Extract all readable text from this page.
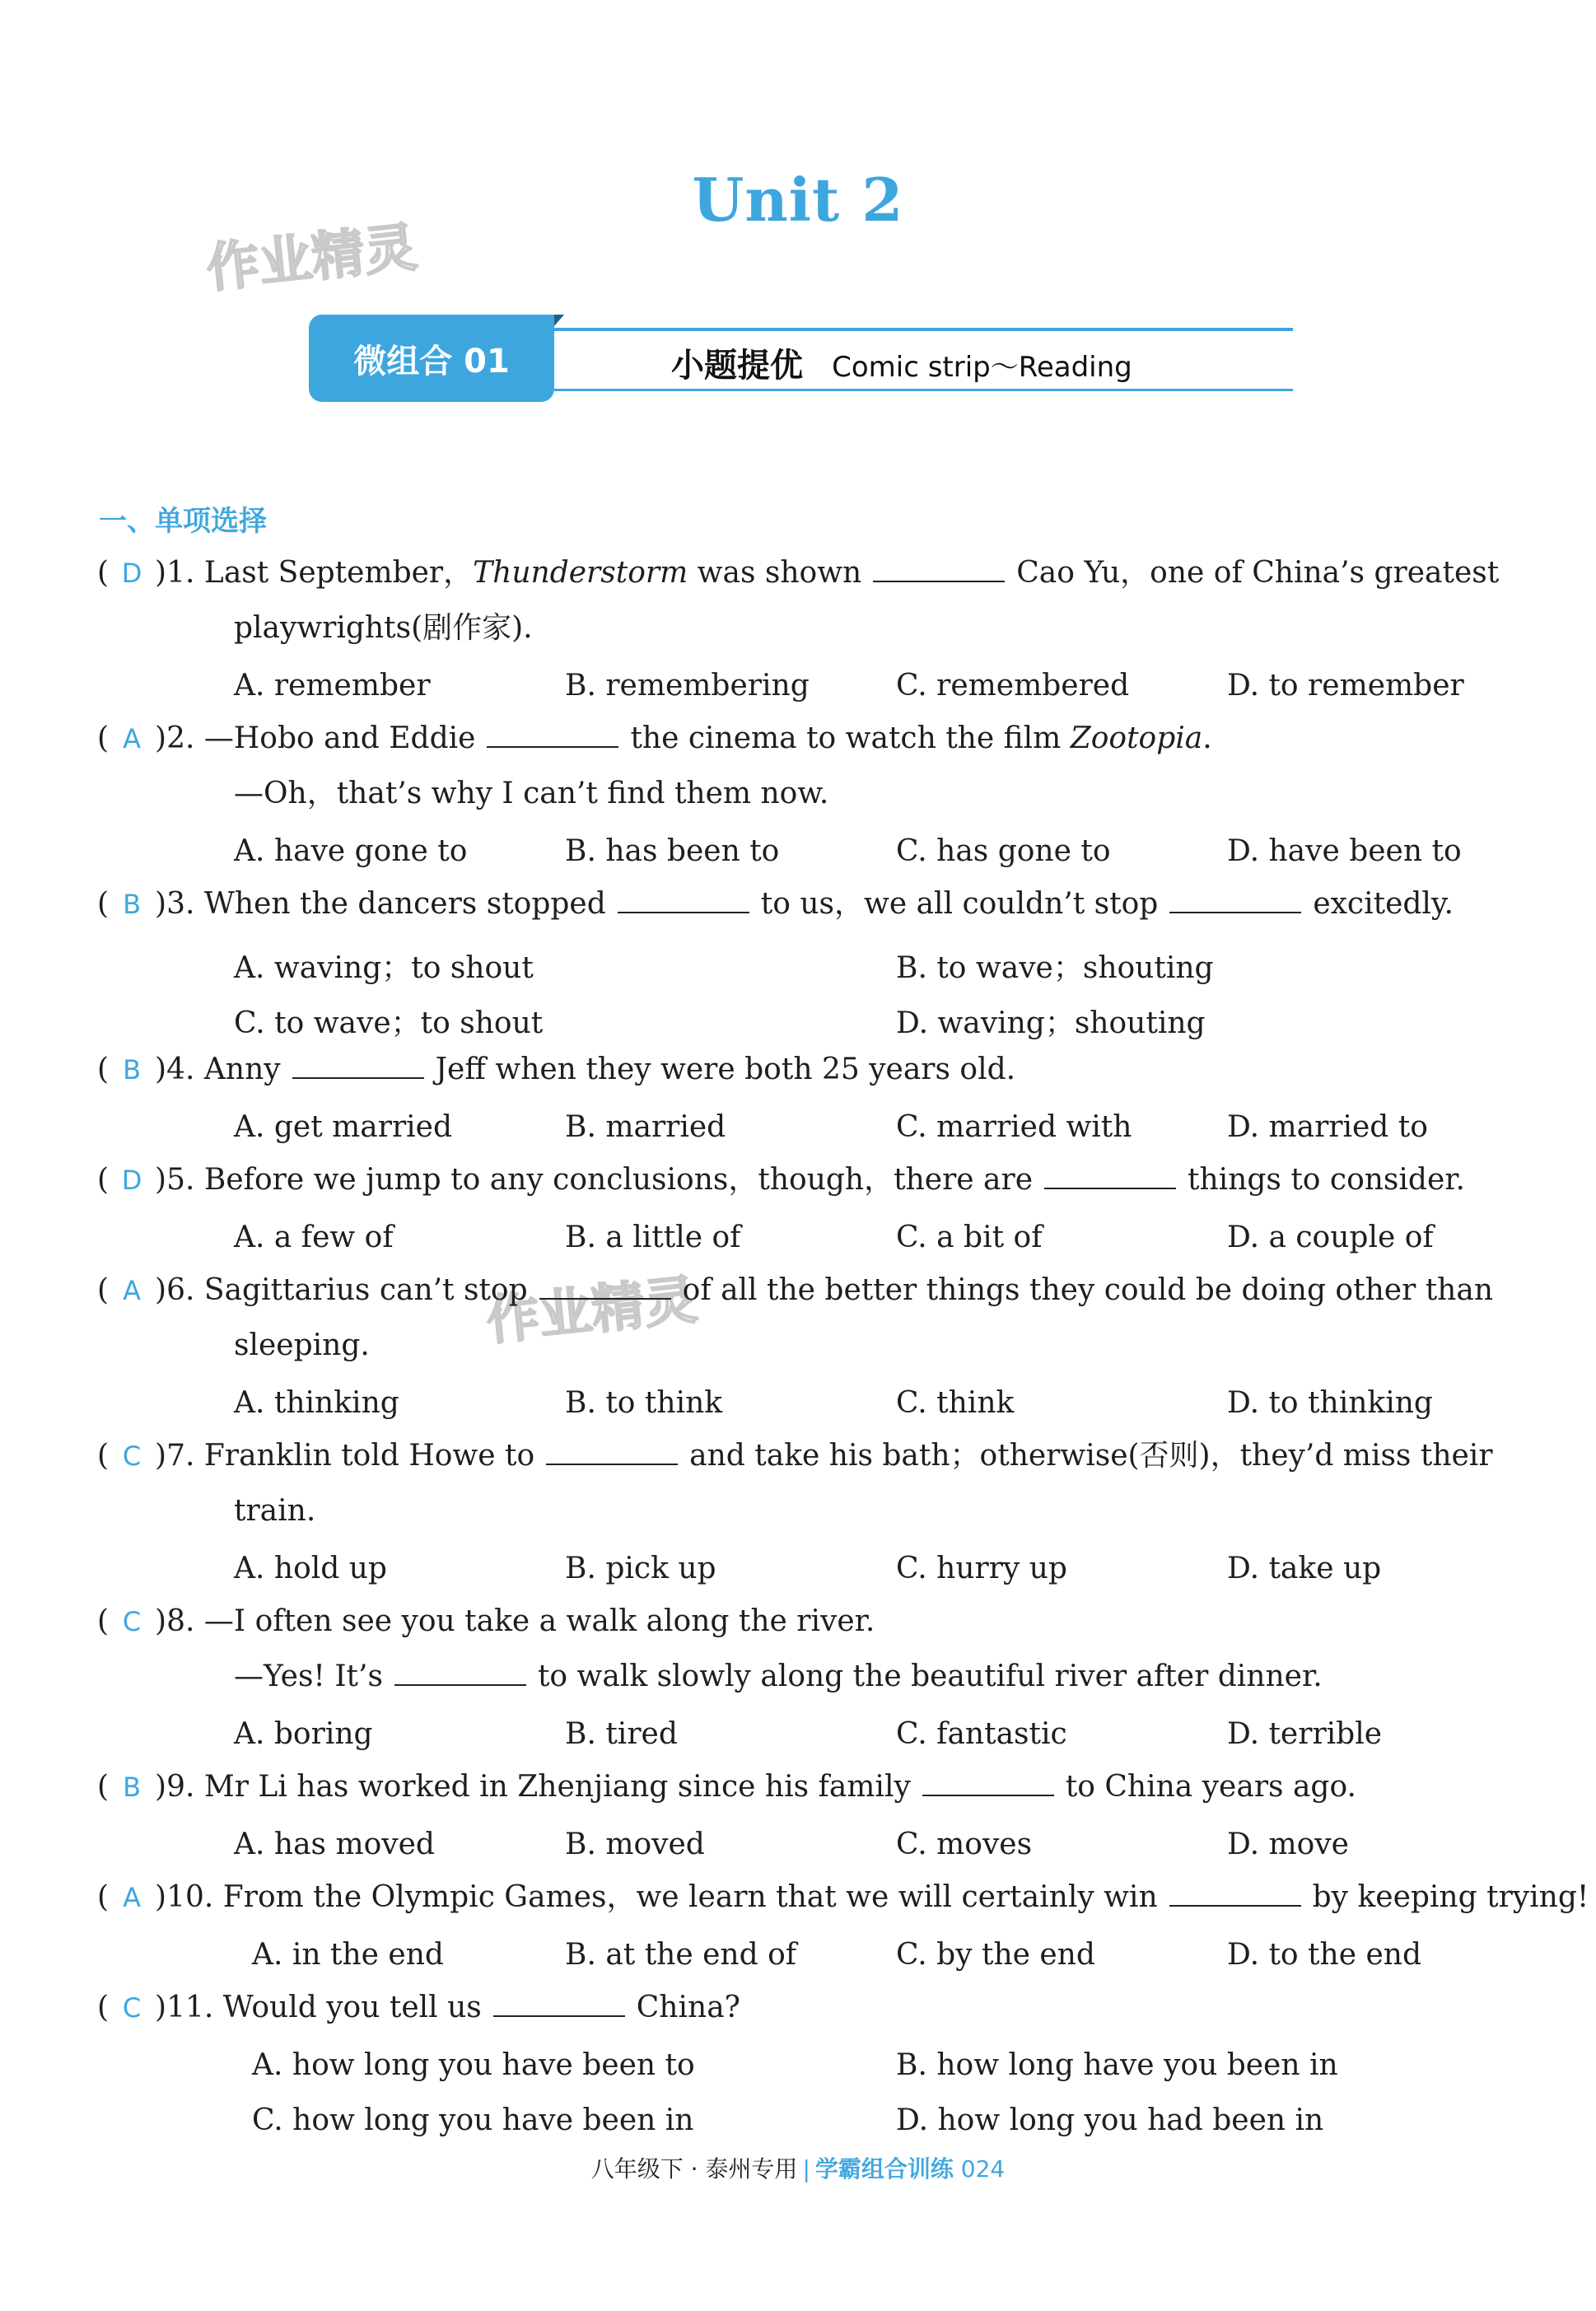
Unit 2
作业精灵
作业精灵
微组合 01	小题提优 Comic strip～Reading
一、单项选择
( D )1. Last September，Thunderstorm was shown	Cao Yu，one of China’s greatest
playwrights(剧作家).
A. remember	B. remembering	C. remembered	D. to remember
( A )2. —Hobo and Eddie	the cinema to watch the film Zootopia.
—Oh，that’s why I can’t find them now.
A. have gone to	B. has been to	C. has gone to	D. have been to
( B )3. When the dancers stopped	to us，we all couldn’t stop	excitedly.
A. waving；to shout	B. to wave；shouting
C. to wave；to shout	D. waving；shouting
( B )4. Anny	Jeff when they were both 25 years old.
A. get married	B. married	C. married with	D. married to
( D )5. Before we jump to any conclusions，though，there are	things to consider.
A. a few of	B. a little of	C. a bit of	D. a couple of
( A )6. Sagittarius can’t stop	of all the better things they could be doing other than
sleeping.
A. thinking	B. to think	C. think	D. to thinking
( C )7. Franklin told Howe to	and take his bath；otherwise(否则)，they’d miss their
train.
A. hold up	B. pick up	C. hurry up	D. take up
( C )8. —I often see you take a walk along the river.
—Yes! It’s	to walk slowly along the beautiful river after dinner.
A. boring	B. tired	C. fantastic	D. terrible
( B )9. Mr Li has worked in Zhenjiang since his family	to China years ago.
A. has moved	B. moved	C. moves	D. move
( A )10. From the Olympic Games，we learn that we will certainly win	by keeping trying!
A. in the end	B. at the end of	C. by the end	D. to the end
( C )11. Would you tell us	China?
A. how long you have been to	B. how long have you been in
C. how long you have been in	D. how long you had been in
八年级下 · 泰州专用 | 学霸组合训练 024
